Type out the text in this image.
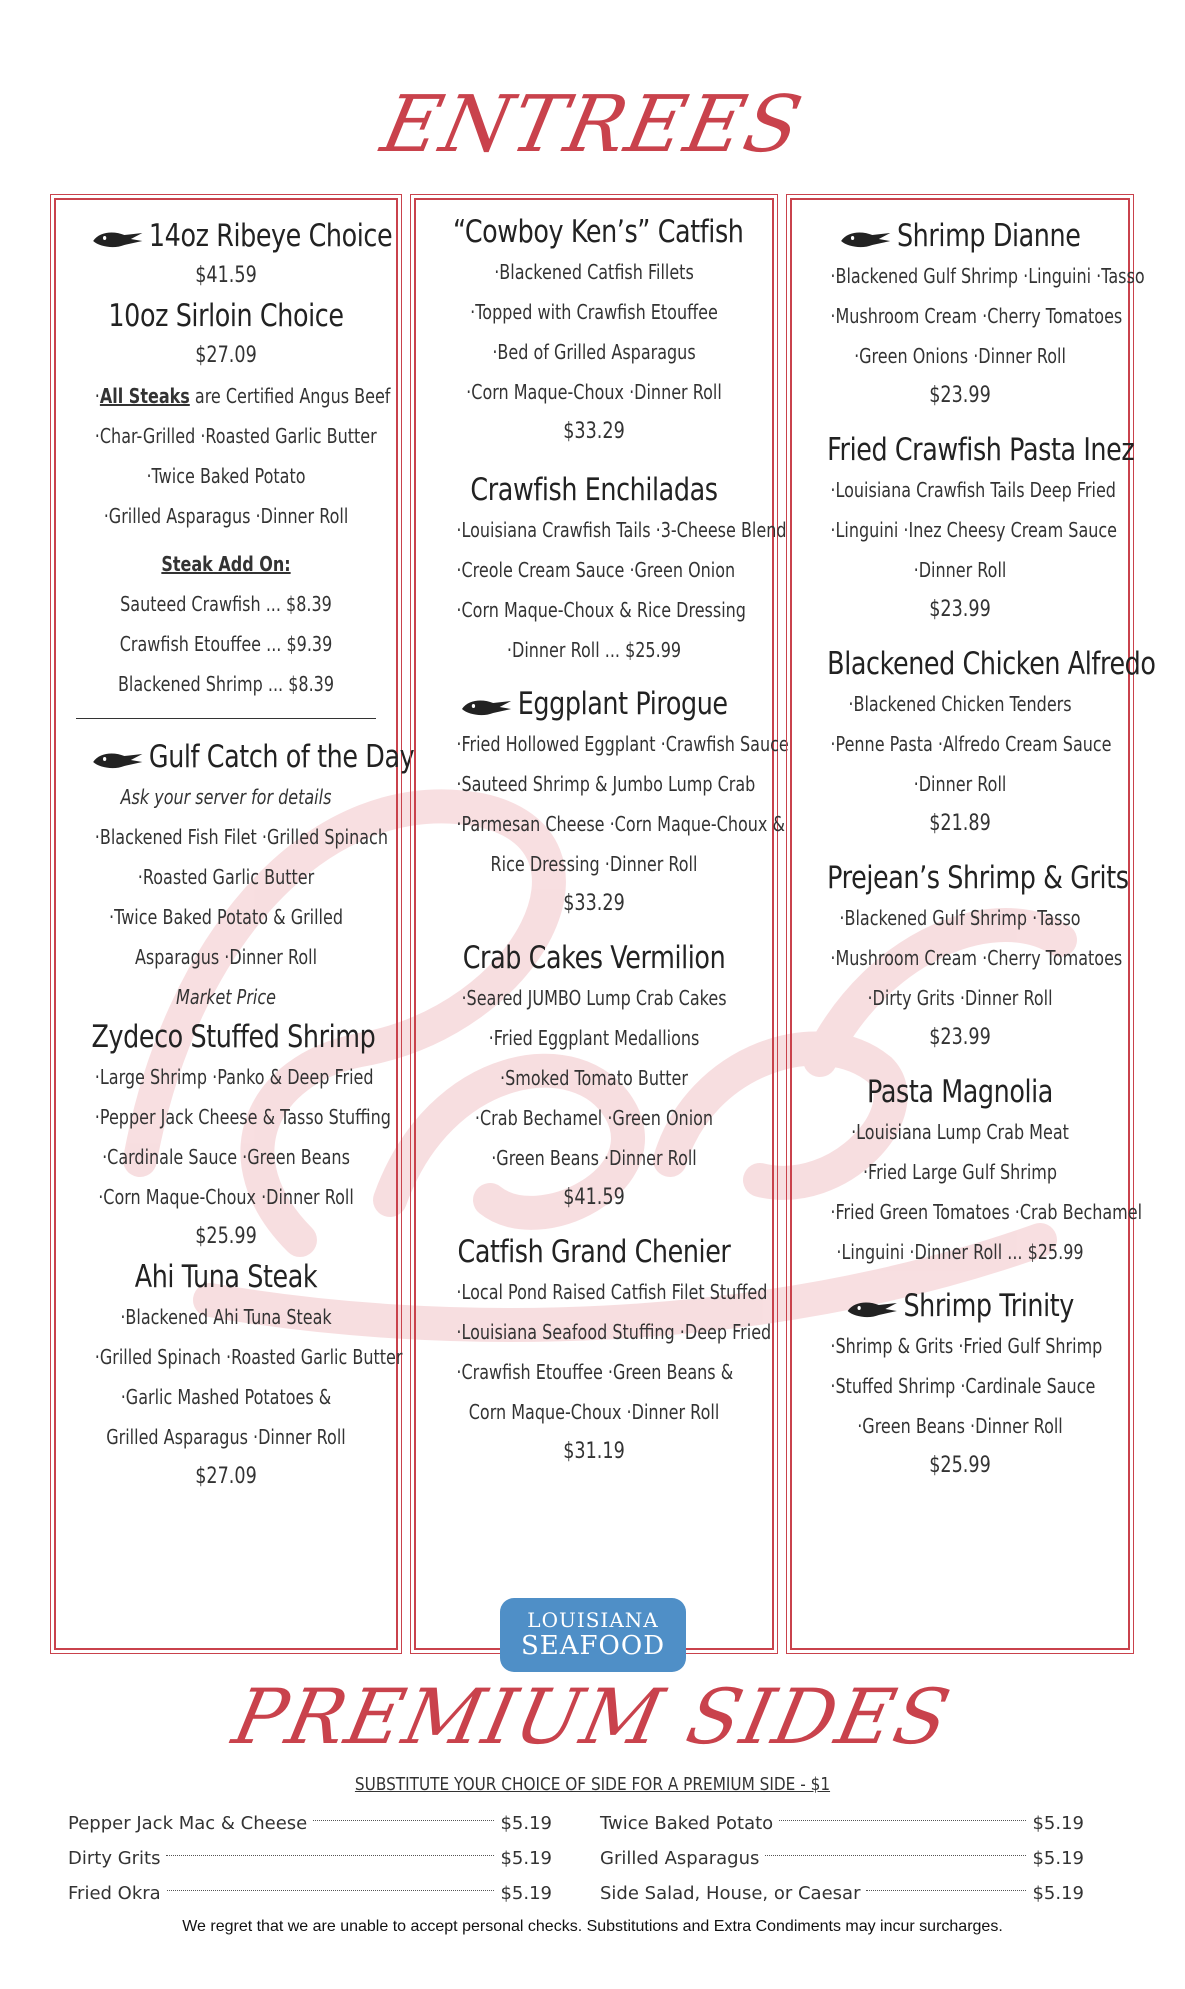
ENTREES
14oz Ribeye Choice
$41.59
10oz Sirloin Choice
$27.09
·All Steaks are Certified Angus Beef
·Char-Grilled ·Roasted Garlic Butter
·Twice Baked Potato
·Grilled Asparagus ·Dinner Roll
Steak Add On:
Sauteed Crawfish ... $8.39
Crawfish Etouffee ... $9.39
Blackened Shrimp ... $8.39
Gulf Catch of the Day
Ask your server for details
·Blackened Fish Filet ·Grilled Spinach
·Roasted Garlic Butter
·Twice Baked Potato & Grilled
Asparagus ·Dinner Roll
Market Price
Zydeco Stuffed Shrimp
·Large Shrimp ·Panko & Deep Fried
·Pepper Jack Cheese & Tasso Stuffing
·Cardinale Sauce ·Green Beans
·Corn Maque-Choux ·Dinner Roll
$25.99
Ahi Tuna Steak
·Blackened Ahi Tuna Steak
·Grilled Spinach ·Roasted Garlic Butter
·Garlic Mashed Potatoes &
Grilled Asparagus ·Dinner Roll
$27.09
“Cowboy Ken’s” Catfish
·Blackened Catfish Fillets
·Topped with Crawfish Etouffee
·Bed of Grilled Asparagus
·Corn Maque-Choux ·Dinner Roll
$33.29
Crawfish Enchiladas
·Louisiana Crawfish Tails ·3-Cheese Blend
·Creole Cream Sauce ·Green Onion
·Corn Maque-Choux & Rice Dressing
·Dinner Roll ... $25.99
Eggplant Pirogue
·Fried Hollowed Eggplant ·Crawfish Sauce
·Sauteed Shrimp & Jumbo Lump Crab
·Parmesan Cheese ·Corn Maque-Choux &
Rice Dressing ·Dinner Roll
$33.29
Crab Cakes Vermilion
·Seared JUMBO Lump Crab Cakes
·Fried Eggplant Medallions
·Smoked Tomato Butter
·Crab Bechamel ·Green Onion
·Green Beans ·Dinner Roll
$41.59
Catfish Grand Chenier
·Local Pond Raised Catfish Filet Stuffed
·Louisiana Seafood Stuffing ·Deep Fried
·Crawfish Etouffee ·Green Beans &
Corn Maque-Choux ·Dinner Roll
$31.19
LOUISIANA
SEAFOOD
Shrimp Dianne
·Blackened Gulf Shrimp ·Linguini ·Tasso
·Mushroom Cream ·Cherry Tomatoes
·Green Onions ·Dinner Roll
$23.99
Fried Crawfish Pasta Inez
·Louisiana Crawfish Tails Deep Fried
·Linguini ·Inez Cheesy Cream Sauce
·Dinner Roll
$23.99
Blackened Chicken Alfredo
·Blackened Chicken Tenders
·Penne Pasta ·Alfredo Cream Sauce
·Dinner Roll
$21.89
Prejean’s Shrimp & Grits
·Blackened Gulf Shrimp ·Tasso
·Mushroom Cream ·Cherry Tomatoes
·Dirty Grits ·Dinner Roll
$23.99
Pasta Magnolia
·Louisiana Lump Crab Meat
·Fried Large Gulf Shrimp
·Fried Green Tomatoes ·Crab Bechamel
·Linguini ·Dinner Roll ... $25.99
Shrimp Trinity
·Shrimp & Grits ·Fried Gulf Shrimp
·Stuffed Shrimp ·Cardinale Sauce
·Green Beans ·Dinner Roll
$25.99
PREMIUM SIDES
SUBSTITUTE YOUR CHOICE OF SIDE FOR A PREMIUM SIDE - $1
Pepper Jack Mac & Cheese	$5.19
Dirty Grits	$5.19
Fried Okra	$5.19
Twice Baked Potato	$5.19
Grilled Asparagus	$5.19
Side Salad, House, or Caesar	$5.19
We regret that we are unable to accept personal checks. Substitutions and Extra Condiments may incur surcharges.
